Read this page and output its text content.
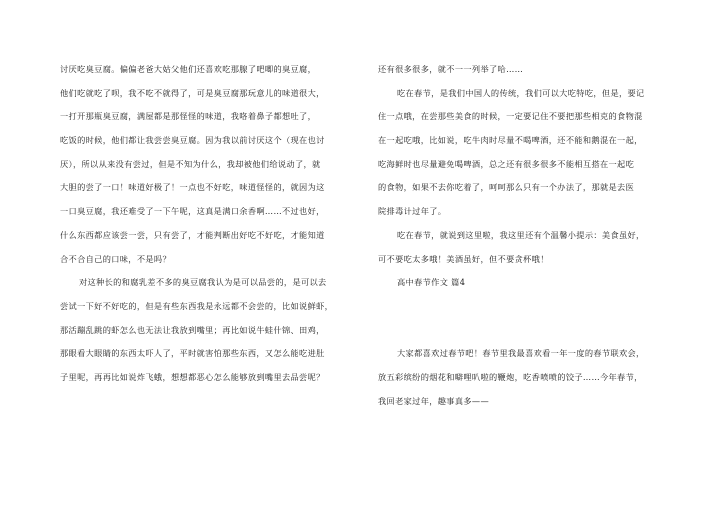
讨厌吃臭豆腐。偏偏老爸大姑父他们还喜欢吃那腺了吧唧的臭豆腐，
他们吃就吃了呗，我不吃不就得了，可是臭豆腐那玩意儿的味道很大，
一打开那瓶臭豆腐，满屋都是那怪怪的味道，我咯着鼻子都想吐了，
吃饭的时候，他们都让我尝尝臭豆腐。因为我以前讨厌这个（现在也讨
厌），所以从来没有尝过，但是不知为什么，我却被他们给说动了，就
大胆的尝了一口！味道好极了！一点也不好吃，味道怪怪的，就因为这
一口臭豆腐，我还难受了一下午呢，这真是满口余香啊……不过也好，
什么东西都应该尝一尝，只有尝了，才能判断出好吃不好吃，才能知道
合不合自己的口味，不是吗？
对这种长的和腐乳差不多的臭豆腐我认为是可以品尝的，是可以去
尝试一下好不好吃的，但是有些东西我是永远都不会尝的，比如说鲜虾，
那活蹦乱跳的虾怎么也无法让我放到嘴里；再比如说牛蛙什锦、田鸡，
那眼看大眼睛的东西太吓人了，平时就害怕那些东西，又怎么能吃进肚
子里呢，再再比如说炸飞蛾，想想都恶心怎么能够放到嘴里去品尝呢？
还有很多很多，就不一一列举了哈……
吃在春节，是我们中国人的传统，我们可以大吃特吃，但是，要记
住一点哦，在尝那些美食的时候，一定要记住不要把那些相克的食物混
在一起吃哦，比如说，吃牛肉时尽量不喝啤酒，还不能和鹅混在一起，
吃海鲜时也尽量避免喝啤酒，总之还有很多很多不能相互搭在一起吃
的食物，如果不去你吃着了，呵呵那么只有一个办法了，那就是去医
院排毒计过年了。
吃在春节，就说到这里啦，我这里还有个温馨小提示：美食虽好，
可不要吃太多哦！美酒虽好，但不要贪杯哦！
高中春节作文 篇4
大家都喜欢过春节吧！春节里我最喜欢看一年一度的春节联欢会，
放五彩缤纷的烟花和噼哩叭啦的鞭炮，吃香喷喷的饺子……今年春节，
我回老家过年，趣事真多——
